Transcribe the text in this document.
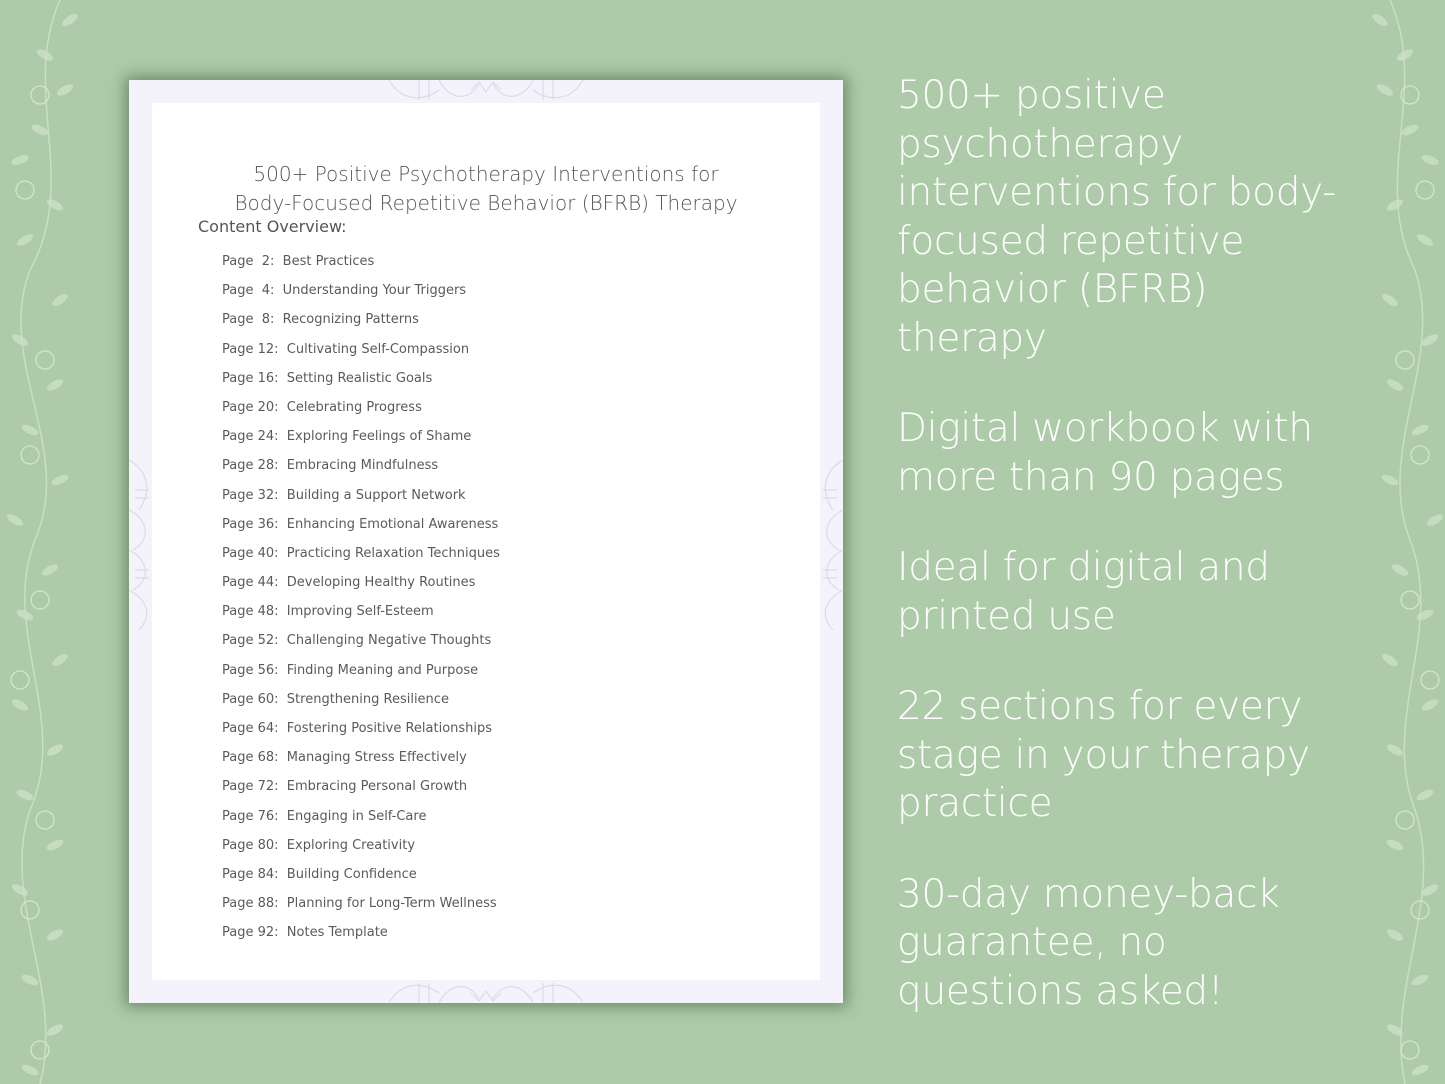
500+ Positive Psychotherapy Interventions for
Body-Focused Repetitive Behavior (BFRB) Therapy
Content Overview:
Page  2: Best Practices
Page  4: Understanding Your Triggers
Page  8: Recognizing Patterns
Page 12: Cultivating Self-Compassion
Page 16: Setting Realistic Goals
Page 20: Celebrating Progress
Page 24: Exploring Feelings of Shame
Page 28: Embracing Mindfulness
Page 32: Building a Support Network
Page 36: Enhancing Emotional Awareness
Page 40: Practicing Relaxation Techniques
Page 44: Developing Healthy Routines
Page 48: Improving Self-Esteem
Page 52: Challenging Negative Thoughts
Page 56: Finding Meaning and Purpose
Page 60: Strengthening Resilience
Page 64: Fostering Positive Relationships
Page 68: Managing Stress Effectively
Page 72: Embracing Personal Growth
Page 76: Engaging in Self-Care
Page 80: Exploring Creativity
Page 84: Building Confidence
Page 88: Planning for Long-Term Wellness
Page 92: Notes Template
500+ positive psychotherapy interventions for body-focused repetitive behavior (BFRB) therapy
Digital workbook with more than 90 pages
Ideal for digital and printed use
22 sections for every stage in your therapy practice
30-day money-back guarantee, no questions asked!
